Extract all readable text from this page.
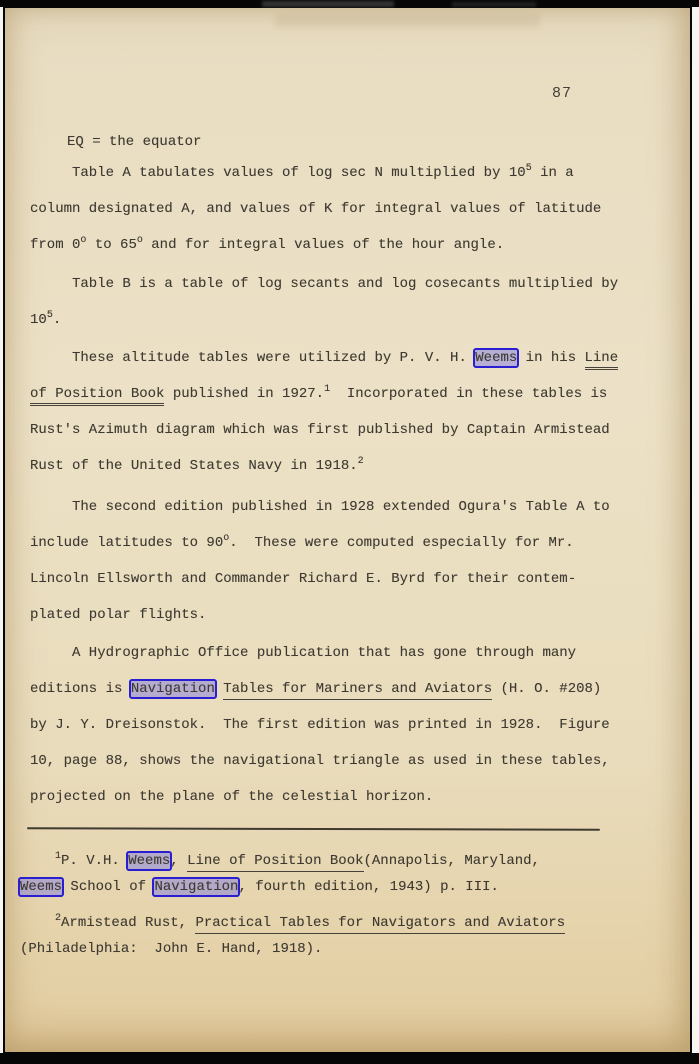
87
EQ = the equator
Table A tabulates values of log sec N multiplied by $10^5$ in a
column designated A, and values of K for integral values of latitude
from 0$^o$ to 65$^o$ and for integral values of the hour angle.
Table B is a table of log secants and log cosecants multiplied by
$10^5$.
These altitude tables were utilized by P. V. H. Weems in his Line
of Position Book published in 1927.$^1$  Incorporated in these tables is
Rust's Azimuth diagram which was first published by Captain Armistead
Rust of the United States Navy in 1918.$^2$
The second edition published in 1928 extended Ogura's Table A to
include latitudes to 90$^o$.  These were computed especially for Mr.
Lincoln Ellsworth and Commander Richard E. Byrd for their contem-
plated polar flights.
A Hydrographic Office publication that has gone through many
editions is Navigation Tables for Mariners and Aviators (H. O. #208)
by J. Y. Dreisonstok.  The first edition was printed in 1928.  Figure
10, page 88, shows the navigational triangle as used in these tables,
projected on the plane of the celestial horizon.
$^1$P. V.H. Weems, Line of Position Book(Annapolis, Maryland,
Weems School of Navigation, fourth edition, 1943) p. III.
$^2$Armistead Rust, Practical Tables for Navigators and Aviators
(Philadelphia:  John E. Hand, 1918).
